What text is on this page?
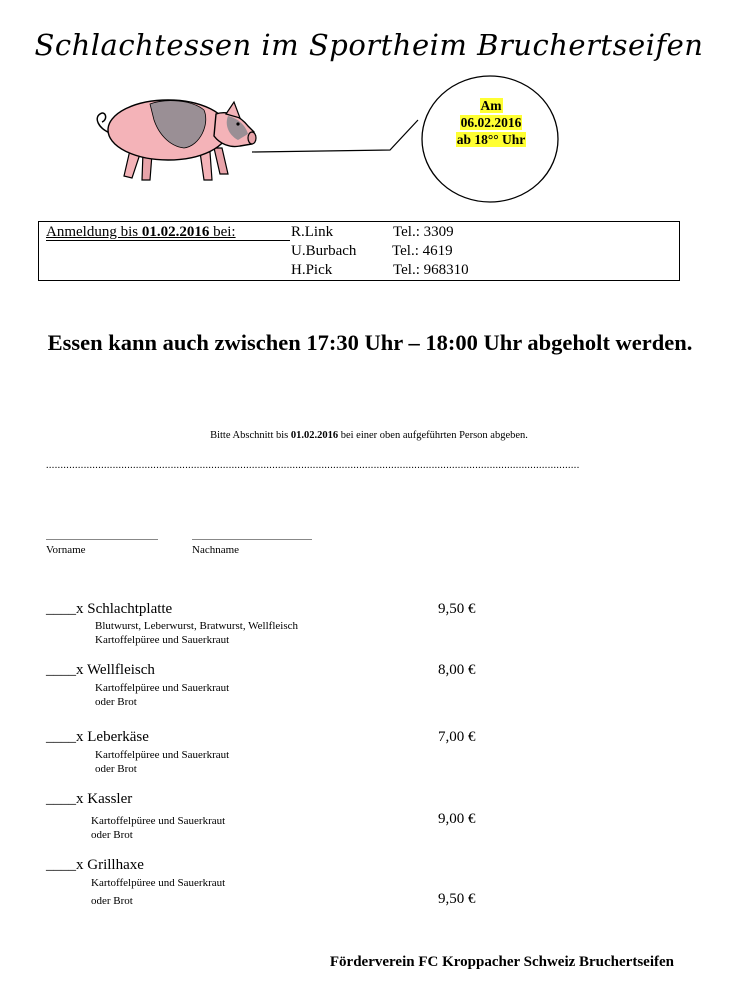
Schlachtessen im Sportheim Bruchertseifen
Am
06.02.2016
ab 18°° Uhr
Anmeldung bis 01.02.2016 bei:	R.Link	Tel.: 3309
U.Burbach Tel.: 4619
H.Pick	Tel.: 968310
Essen kann auch zwischen 17:30 Uhr – 18:00 Uhr abgeholt werden.
Bitte Abschnitt bis 01.02.2016 bei einer oben aufgeführten Person abgeben.
........................................................................................................................................................................................
Vorname	Nachname
____x Schlachtplatte
Blutwurst, Leberwurst, Bratwurst, Wellfleisch
Kartoffelpüree und Sauerkraut
9,50 €
____x Wellfleisch
Kartoffelpüree und Sauerkraut
oder Brot
8,00 €
____x Leberkäse
Kartoffelpüree und Sauerkraut
oder Brot
7,00 €
____x Kassler
Kartoffelpüree und Sauerkraut
oder Brot
9,00 €
____x Grillhaxe
Kartoffelpüree und Sauerkraut
oder Brot	9,50 €
Förderverein FC Kroppacher Schweiz Bruchertseifen
